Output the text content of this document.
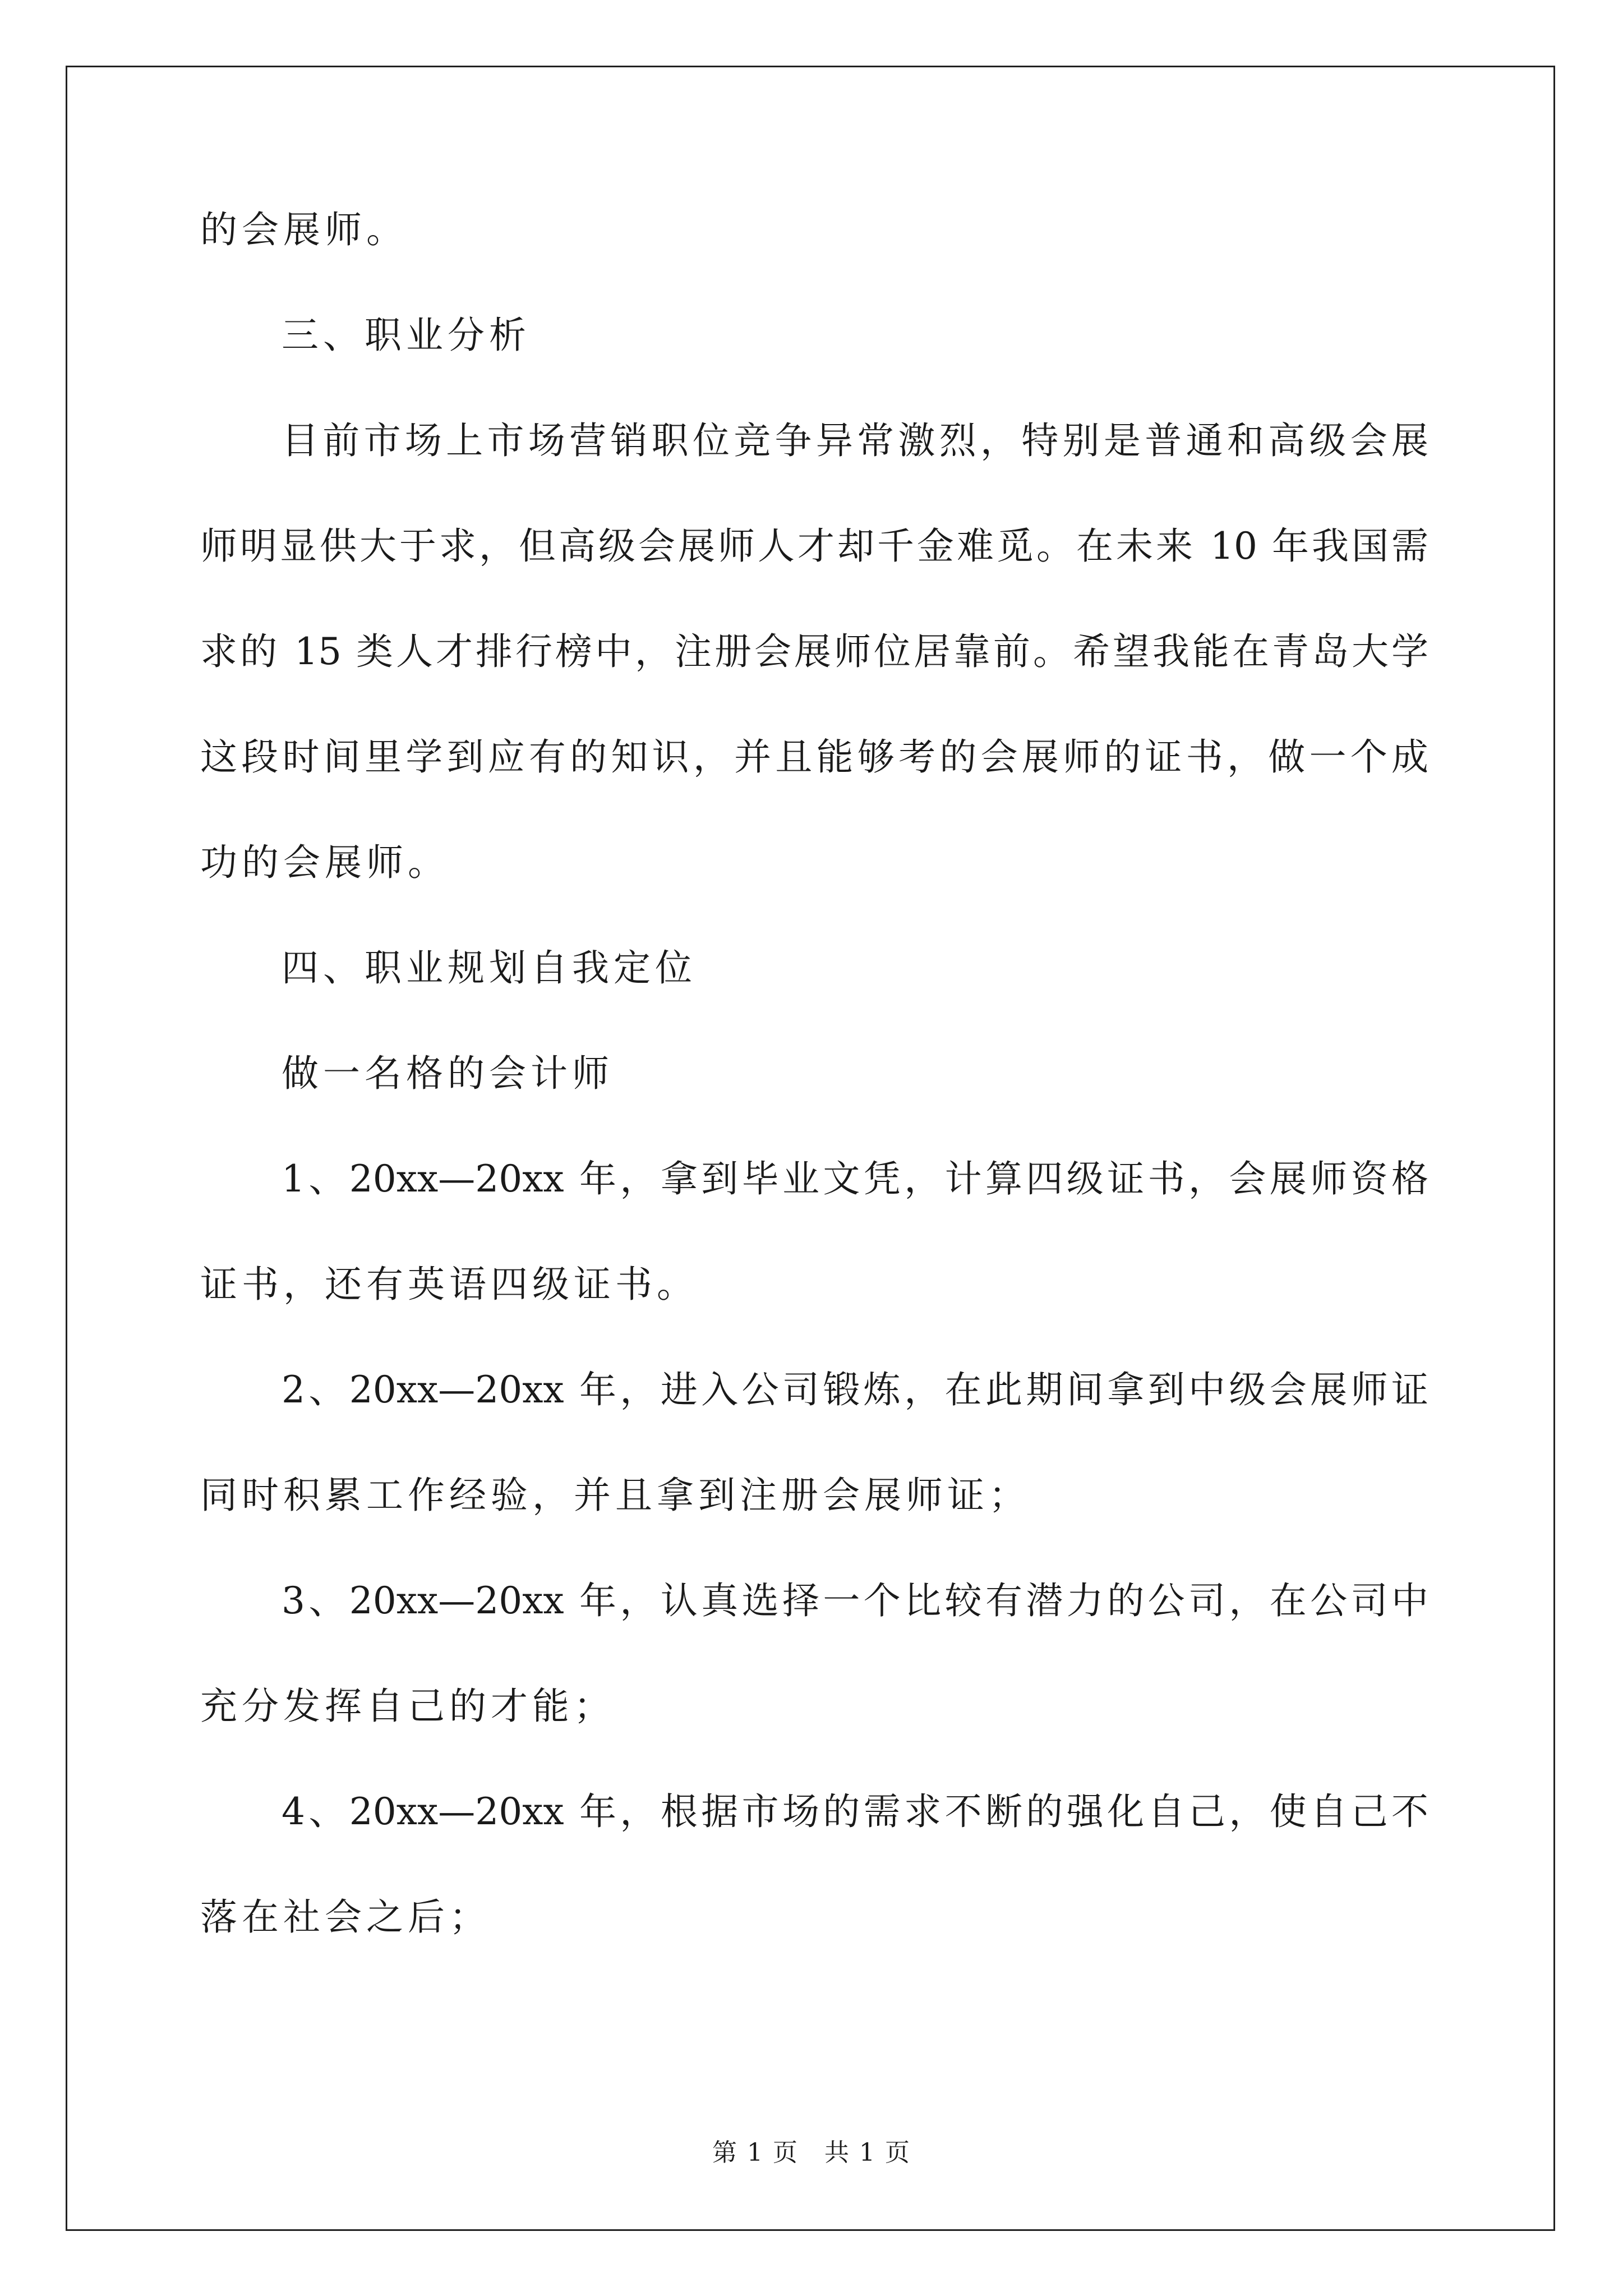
的会展师。
三、职业分析
目前市场上市场营销职位竞争异常激烈，特别是普通和高级会展
师明显供大于求，但高级会展师人才却千金难觅。在未来 10 年我国需
求的 15 类人才排行榜中，注册会展师位居靠前。希望我能在青岛大学
这段时间里学到应有的知识，并且能够考的会展师的证书，做一个成
功的会展师。
四、职业规划自我定位
做一名格的会计师
1、20xx—20xx 年，拿到毕业文凭，计算四级证书，会展师资格
证书，还有英语四级证书。
2、20xx—20xx 年，进入公司锻炼，在此期间拿到中级会展师证
同时积累工作经验，并且拿到注册会展师证；
3、20xx—20xx 年，认真选择一个比较有潜力的公司，在公司中
充分发挥自己的才能；
4、20xx—20xx 年，根据市场的需求不断的强化自己，使自己不
落在社会之后；
第 1 页　共 1 页
